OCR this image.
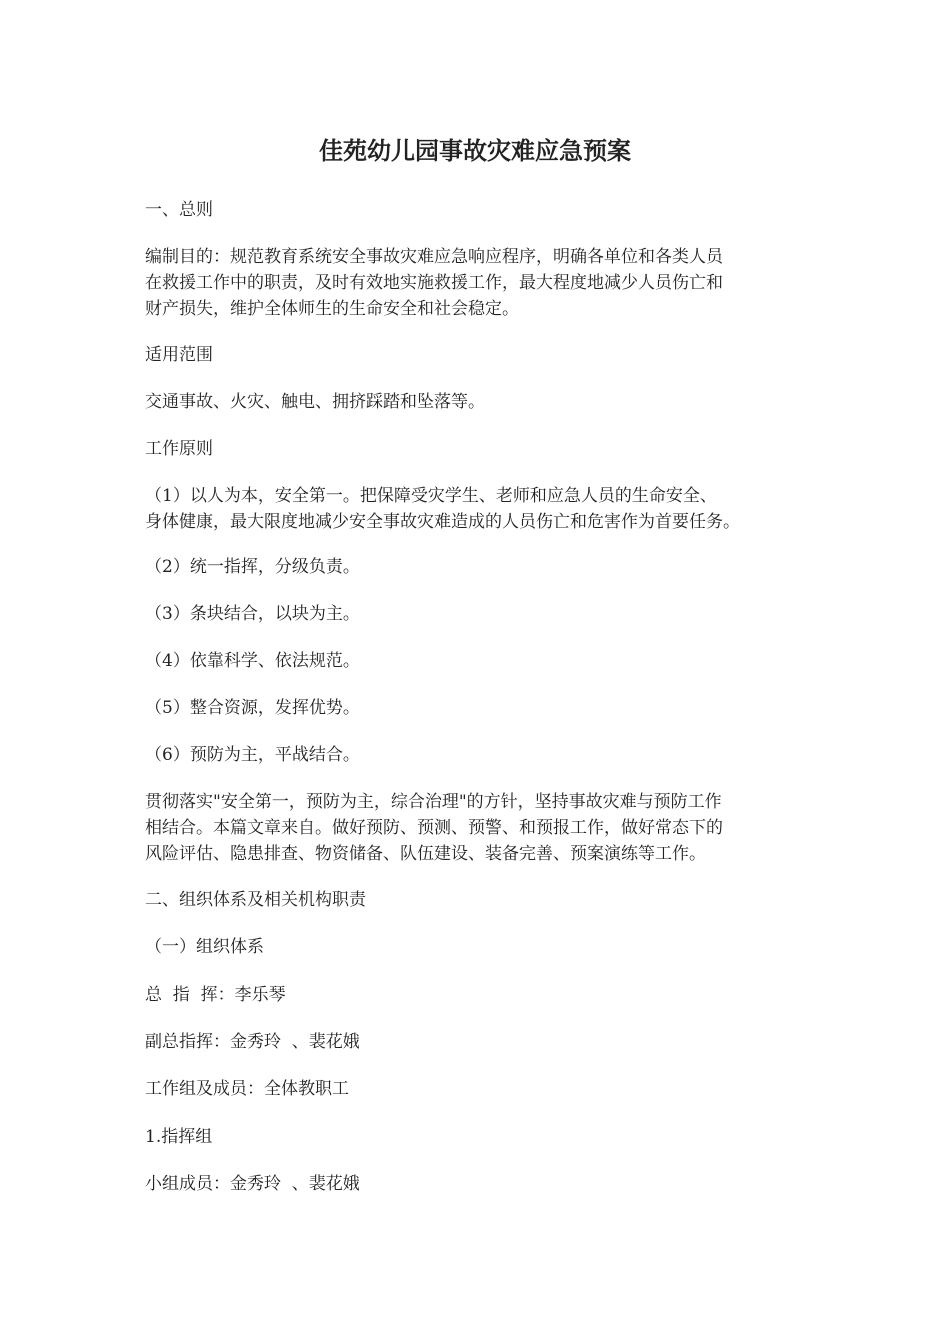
佳苑幼儿园事故灾难应急预案

一、总则

编制目的：规范教育系统安全事故灾难应急响应程序，明确各单位和各类人员
在救援工作中的职责，及时有效地实施救援工作，最大程度地减少人员伤亡和
财产损失，维护全体师生的生命安全和社会稳定。

适用范围

交通事故、火灾、触电、拥挤踩踏和坠落等。

工作原则

（1）以人为本，安全第一。把保障受灾学生、老师和应急人员的生命安全、
身体健康，最大限度地减少安全事故灾难造成的人员伤亡和危害作为首要任务。

（2）统一指挥，分级负责。

（3）条块结合，以块为主。

（4）依靠科学、依法规范。

（5）整合资源，发挥优势。

（6）预防为主，平战结合。

贯彻落实"安全第一，预防为主，综合治理"的方针，坚持事故灾难与预防工作
相结合。本篇文章来自。做好预防、预测、预警、和预报工作，做好常态下的
风险评估、隐患排查、物资储备、队伍建设、装备完善、预案演练等工作。

二、组织体系及相关机构职责

（一）组织体系

总  指  挥：李乐琴

副总指挥：金秀玲  、裴花娥

工作组及成员：全体教职工

1.指挥组

小组成员：金秀玲  、裴花娥
